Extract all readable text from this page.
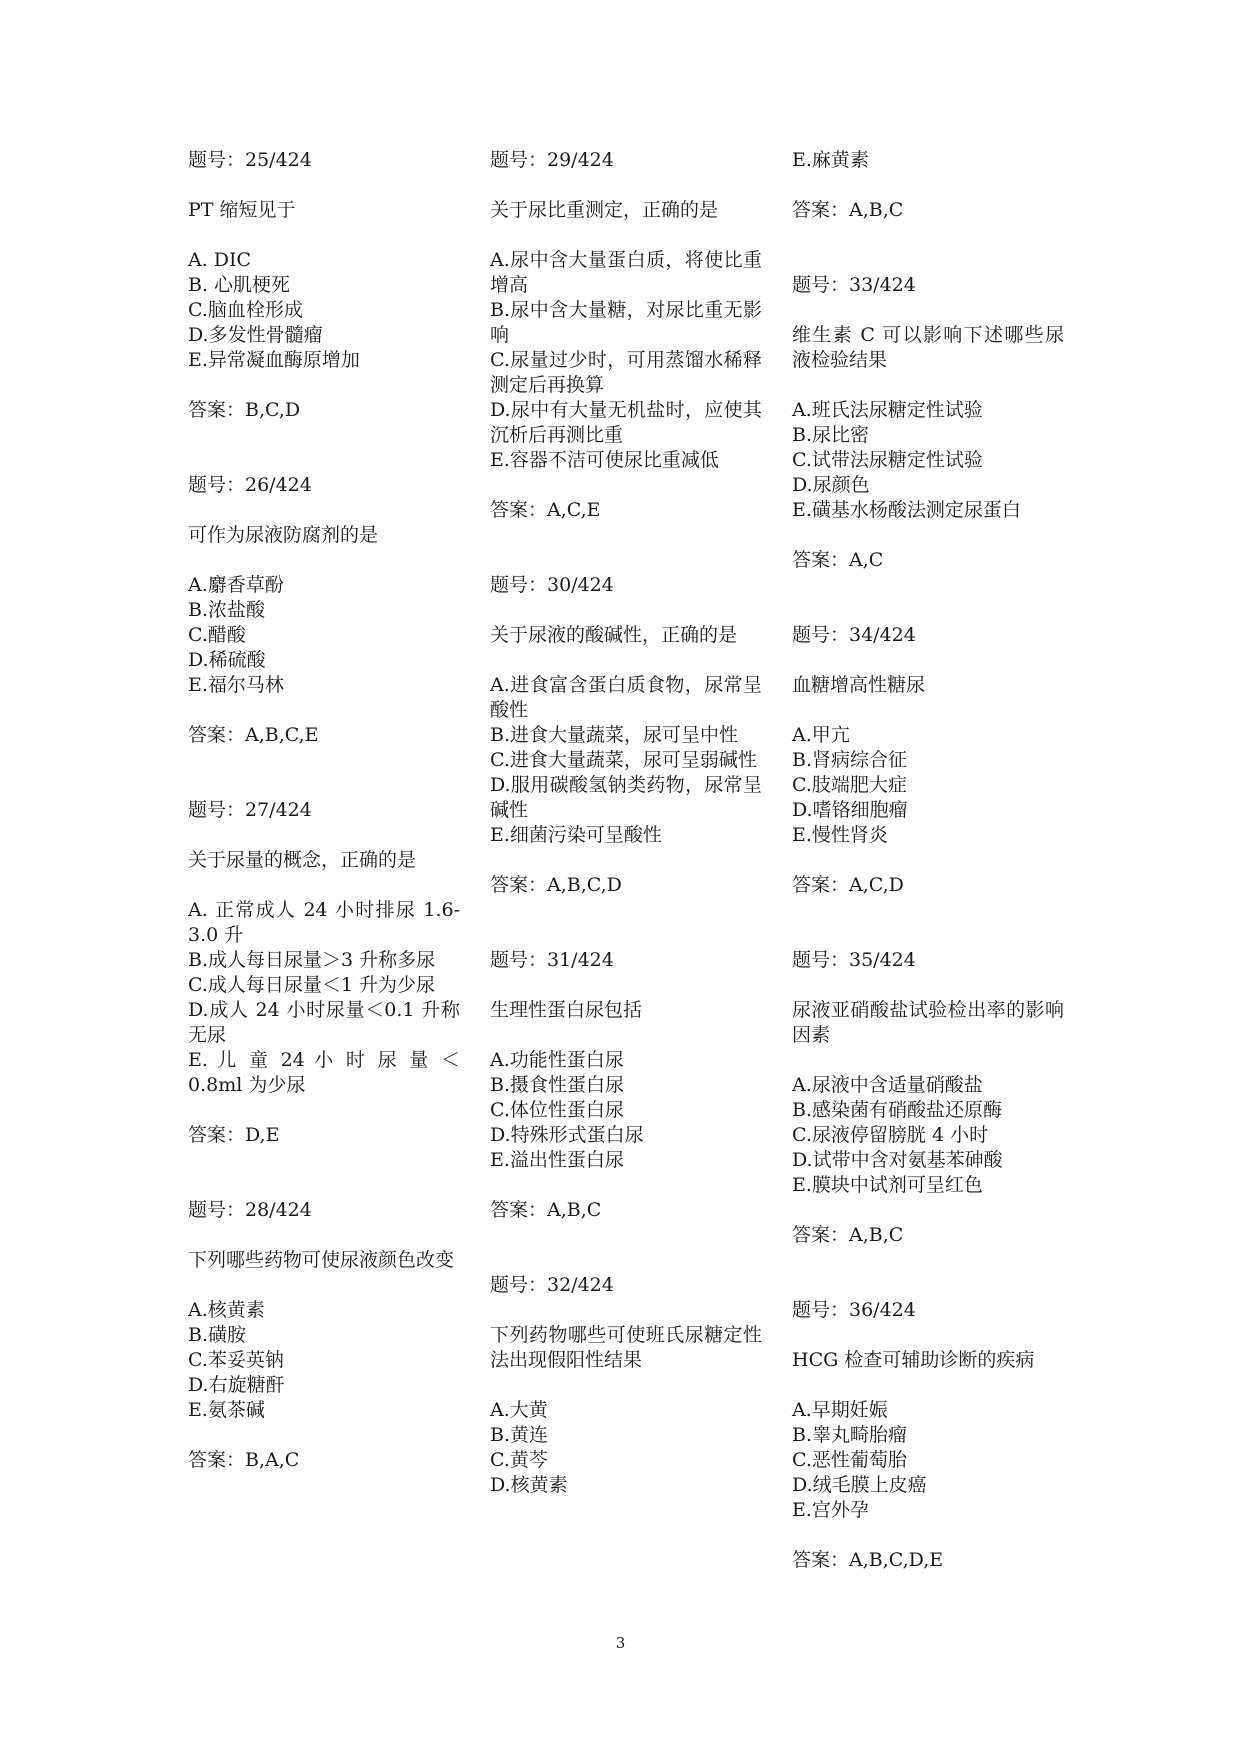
题号：25/424
PT 缩短见于
A. DIC
B. 心肌梗死
C.脑血栓形成
D.多发性骨髓瘤
E.异常凝血酶原增加
答案：B,C,D
题号：26/424
可作为尿液防腐剂的是
A.麝香草酚
B.浓盐酸
C.醋酸
D.稀硫酸
E.福尔马林
答案：A,B,C,E
题号：27/424
关于尿量的概念，正确的是
A. 正常成人 24 小时排尿 1.6-3.0 升
B.成人每日尿量＞3 升称多尿
C.成人每日尿量＜1 升为少尿
D.成人 24 小时尿量＜0.1 升称无尿
E. 儿 童 24 小 时 尿 量 ＜ 0.8ml 为少尿
答案：D,E
题号：28/424
下列哪些药物可使尿液颜色改变
A.核黄素
B.磺胺
C.苯妥英钠
D.右旋糖酐
E.氨茶碱
答案：B,A,C
题号：29/424
关于尿比重测定，正确的是
A.尿中含大量蛋白质，将使比重增高
B.尿中含大量糖，对尿比重无影响
C.尿量过少时，可用蒸馏水稀释测定后再换算
D.尿中有大量无机盐时，应使其沉析后再测比重
E.容器不洁可使尿比重减低
答案：A,C,E
题号：30/424
关于尿液的酸碱性，正确的是
A.进食富含蛋白质食物，尿常呈酸性
B.进食大量蔬菜，尿可呈中性
C.进食大量蔬菜，尿可呈弱碱性
D.服用碳酸氢钠类药物，尿常呈碱性
E.细菌污染可呈酸性
答案：A,B,C,D
题号：31/424
生理性蛋白尿包括
A.功能性蛋白尿
B.摄食性蛋白尿
C.体位性蛋白尿
D.特殊形式蛋白尿
E.溢出性蛋白尿
答案：A,B,C
题号：32/424
下列药物哪些可使班氏尿糖定性法出现假阳性结果
A.大黄
B.黄连
C.黄芩
D.核黄素
E.麻黄素
答案：A,B,C
题号：33/424
维生素 C 可以影响下述哪些尿液检验结果
A.班氏法尿糖定性试验
B.尿比密
C.试带法尿糖定性试验
D.尿颜色
E.磺基水杨酸法测定尿蛋白
答案：A,C
题号：34/424
血糖增高性糖尿
A.甲亢
B.肾病综合征
C.肢端肥大症
D.嗜铬细胞瘤
E.慢性肾炎
答案：A,C,D
题号：35/424
尿液亚硝酸盐试验检出率的影响因素
A.尿液中含适量硝酸盐
B.感染菌有硝酸盐还原酶
C.尿液停留膀胱 4 小时
D.试带中含对氨基苯砷酸
E.膜块中试剂可呈红色
答案：A,B,C
题号：36/424
HCG 检查可辅助诊断的疾病
A.早期妊娠
B.睾丸畸胎瘤
C.恶性葡萄胎
D.绒毛膜上皮癌
E.宫外孕
答案：A,B,C,D,E
3
